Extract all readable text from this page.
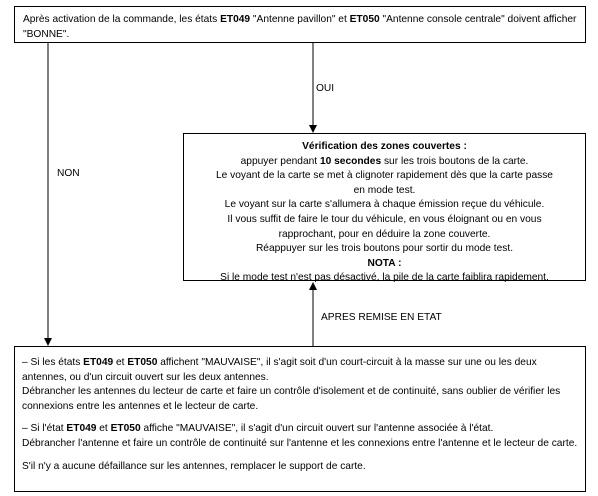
Après activation de la commande, les états ET049 "Antenne pavillon" et ET050 "Antenne console centrale" doivent afficher "BONNE".
OUI
NON
APRES REMISE EN ETAT
Vérification des zones couvertes :
appuyer pendant 10 secondes sur les trois boutons de la carte.
Le voyant de la carte se met à clignoter rapidement dès que la carte passe
en mode test.
Le voyant sur la carte s'allumera à chaque émission reçue du véhicule.
Il vous suffit de faire le tour du véhicule, en vous éloignant ou en vous
rapprochant, pour en déduire la zone couverte.
Réappuyer sur les trois boutons pour sortir du mode test.
NOTA :
Si le mode test n'est pas désactivé, la pile de la carte faiblira rapidement.

– Si les états ET049 et ET050 affichent "MAUVAISE", il s'agit soit d'un court-circuit à la masse sur une ou les deux antennes, ou d'un circuit ouvert sur les deux antennes.

Débrancher les antennes du lecteur de carte et faire un contrôle d'isolement et de continuité, sans oublier de vérifier les connexions entre les antennes et le lecteur de carte.

– Si l'état ET049 et ET050 affiche "MAUVAISE", il s'agit d'un circuit ouvert sur l'antenne associée à l'état.

Débrancher l'antenne et faire un contrôle de continuité sur l'antenne et les connexions entre l'antenne et le lecteur de carte.

S'il n'y a aucune défaillance sur les antennes, remplacer le support de carte.
